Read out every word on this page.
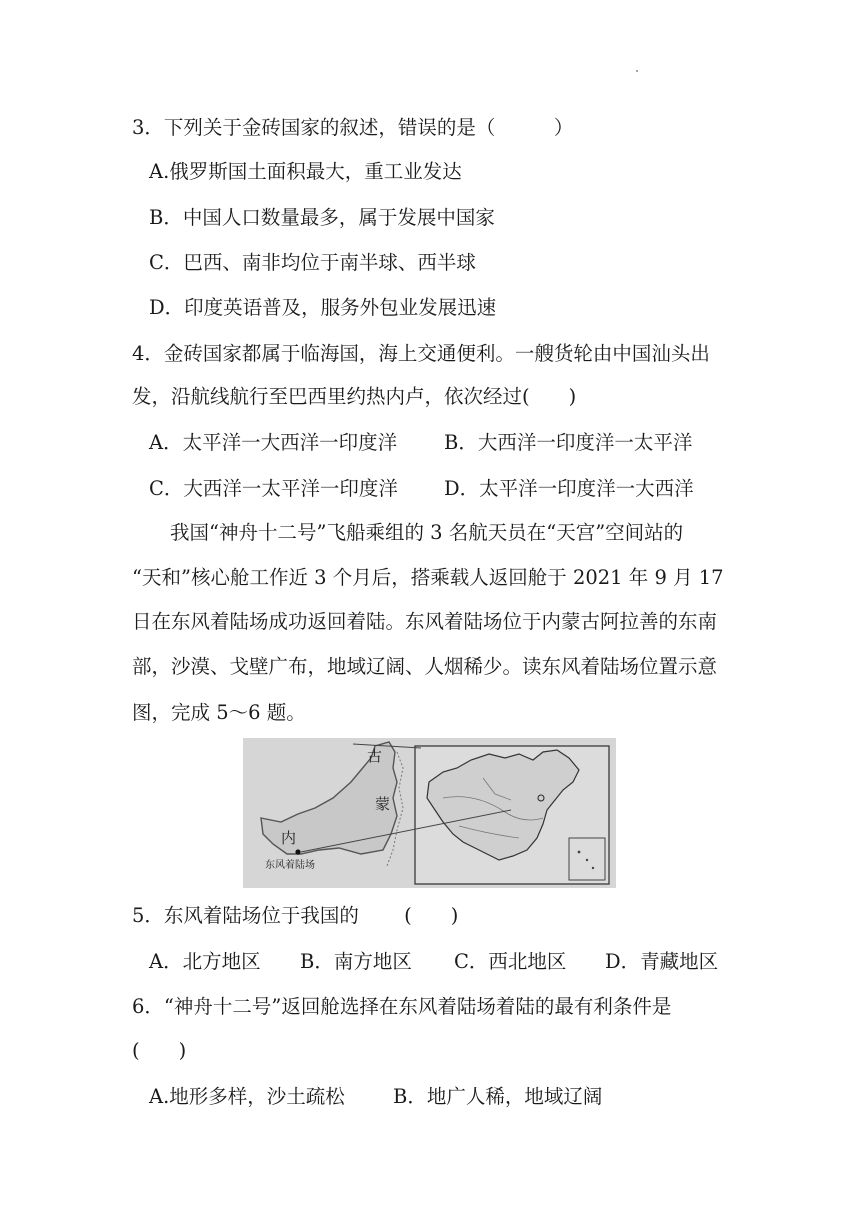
3．下列关于金砖国家的叙述，错误的是（　　　）
A.俄罗斯国土面积最大，重工业发达
B．中国人口数量最多，属于发展中国家
C．巴西、南非均位于南半球、西半球
D．印度英语普及，服务外包业发展迅速
4．金砖国家都属于临海国，海上交通便利。一艘货轮由中国汕头出
发，沿航线航行至巴西里约热内卢，依次经过(　　)
A．太平洋一大西洋一印度洋 B．大西洋一印度洋一太平洋
C．大西洋一太平洋一印度洋 D．太平洋一印度洋一大西洋
我国“神舟十二号”飞船乘组的 3 名航天员在“天宫”空间站的
“天和”核心舱工作近 3 个月后，搭乘载人返回舱于 2021 年 9 月 17
日在东风着陆场成功返回着陆。东风着陆场位于内蒙古阿拉善的东南
部，沙漠、戈壁广布，地域辽阔、人烟稀少。读东风着陆场位置示意
图，完成 5～6 题。
古
蒙
内
东风着陆场
5．东风着陆场位于我国的　　 (　　)
A．北方地区 B．南方地区 C．西北地区 D．青藏地区
6．“神舟十二号”返回舱选择在东风着陆场着陆的最有利条件是
(　　)
A.地形多样，沙土疏松 B．地广人稀，地域辽阔
